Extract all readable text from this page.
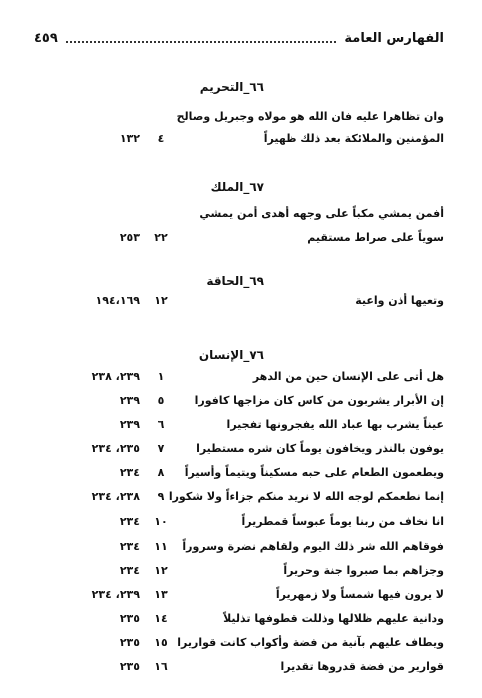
الفهارس العامة
٤٥٩
٦٦_التحريم
وان تظاهرا عليه فان الله هو مولاه وجبريل وصالح
المؤمنين والملائكة بعد ذلك ظهيراً
٤
١٣٢
٦٧_الملك
أفمن يمشي مكباً على وجهه أهدى أمن يمشي
سوياً على صراط مستقيم
٢٢
٢٥٣
٦٩_الحاقة
وتعيها أذن واعية
١٢
١٩٤،١٦٩
٧٦_الإنسان
هل أتى على الإنسان حين من الدهر
١
٢٣٩، ٢٣٨
إن الأبرار يشربون من كاس كان مزاجها كافورا
٥
٢٣٩
عيناً يشرب بها عباد الله يفجرونها تفجيرا
٦
٢٣٩
يوفون بالنذر ويخافون يوماً كان شره مستطيرا
٧
٢٣٥، ٢٣٤
ويطعمون الطعام على حبه مسكيناً ويتيماً وأسيراً
٨
٢٣٤
إنما نطعمكم لوجه الله لا نريد منكم جزاءاً ولا شكورا
٩
٢٣٨، ٢٣٤
انا نخاف من ربنا يوماً عبوساً قمطريراً
١٠
٢٣٤
فوقاهم الله شر ذلك اليوم ولقاهم نضرة وسروراً
١١
٢٣٤
وجزاهم بما صبروا جنة وحريراً
١٢
٢٣٤
لا يرون فيها شمساً ولا زمهريراً
١٣
٢٣٩، ٢٣٤
ودانية عليهم ظلالها وذللت قطوفها تذليلاً
١٤
٢٣٥
ويطاف عليهم بآنية من فضة وأكواب كانت قواريرا
١٥
٢٣٥
قوارير من فضة قدروها تقديرا
١٦
٢٣٥
